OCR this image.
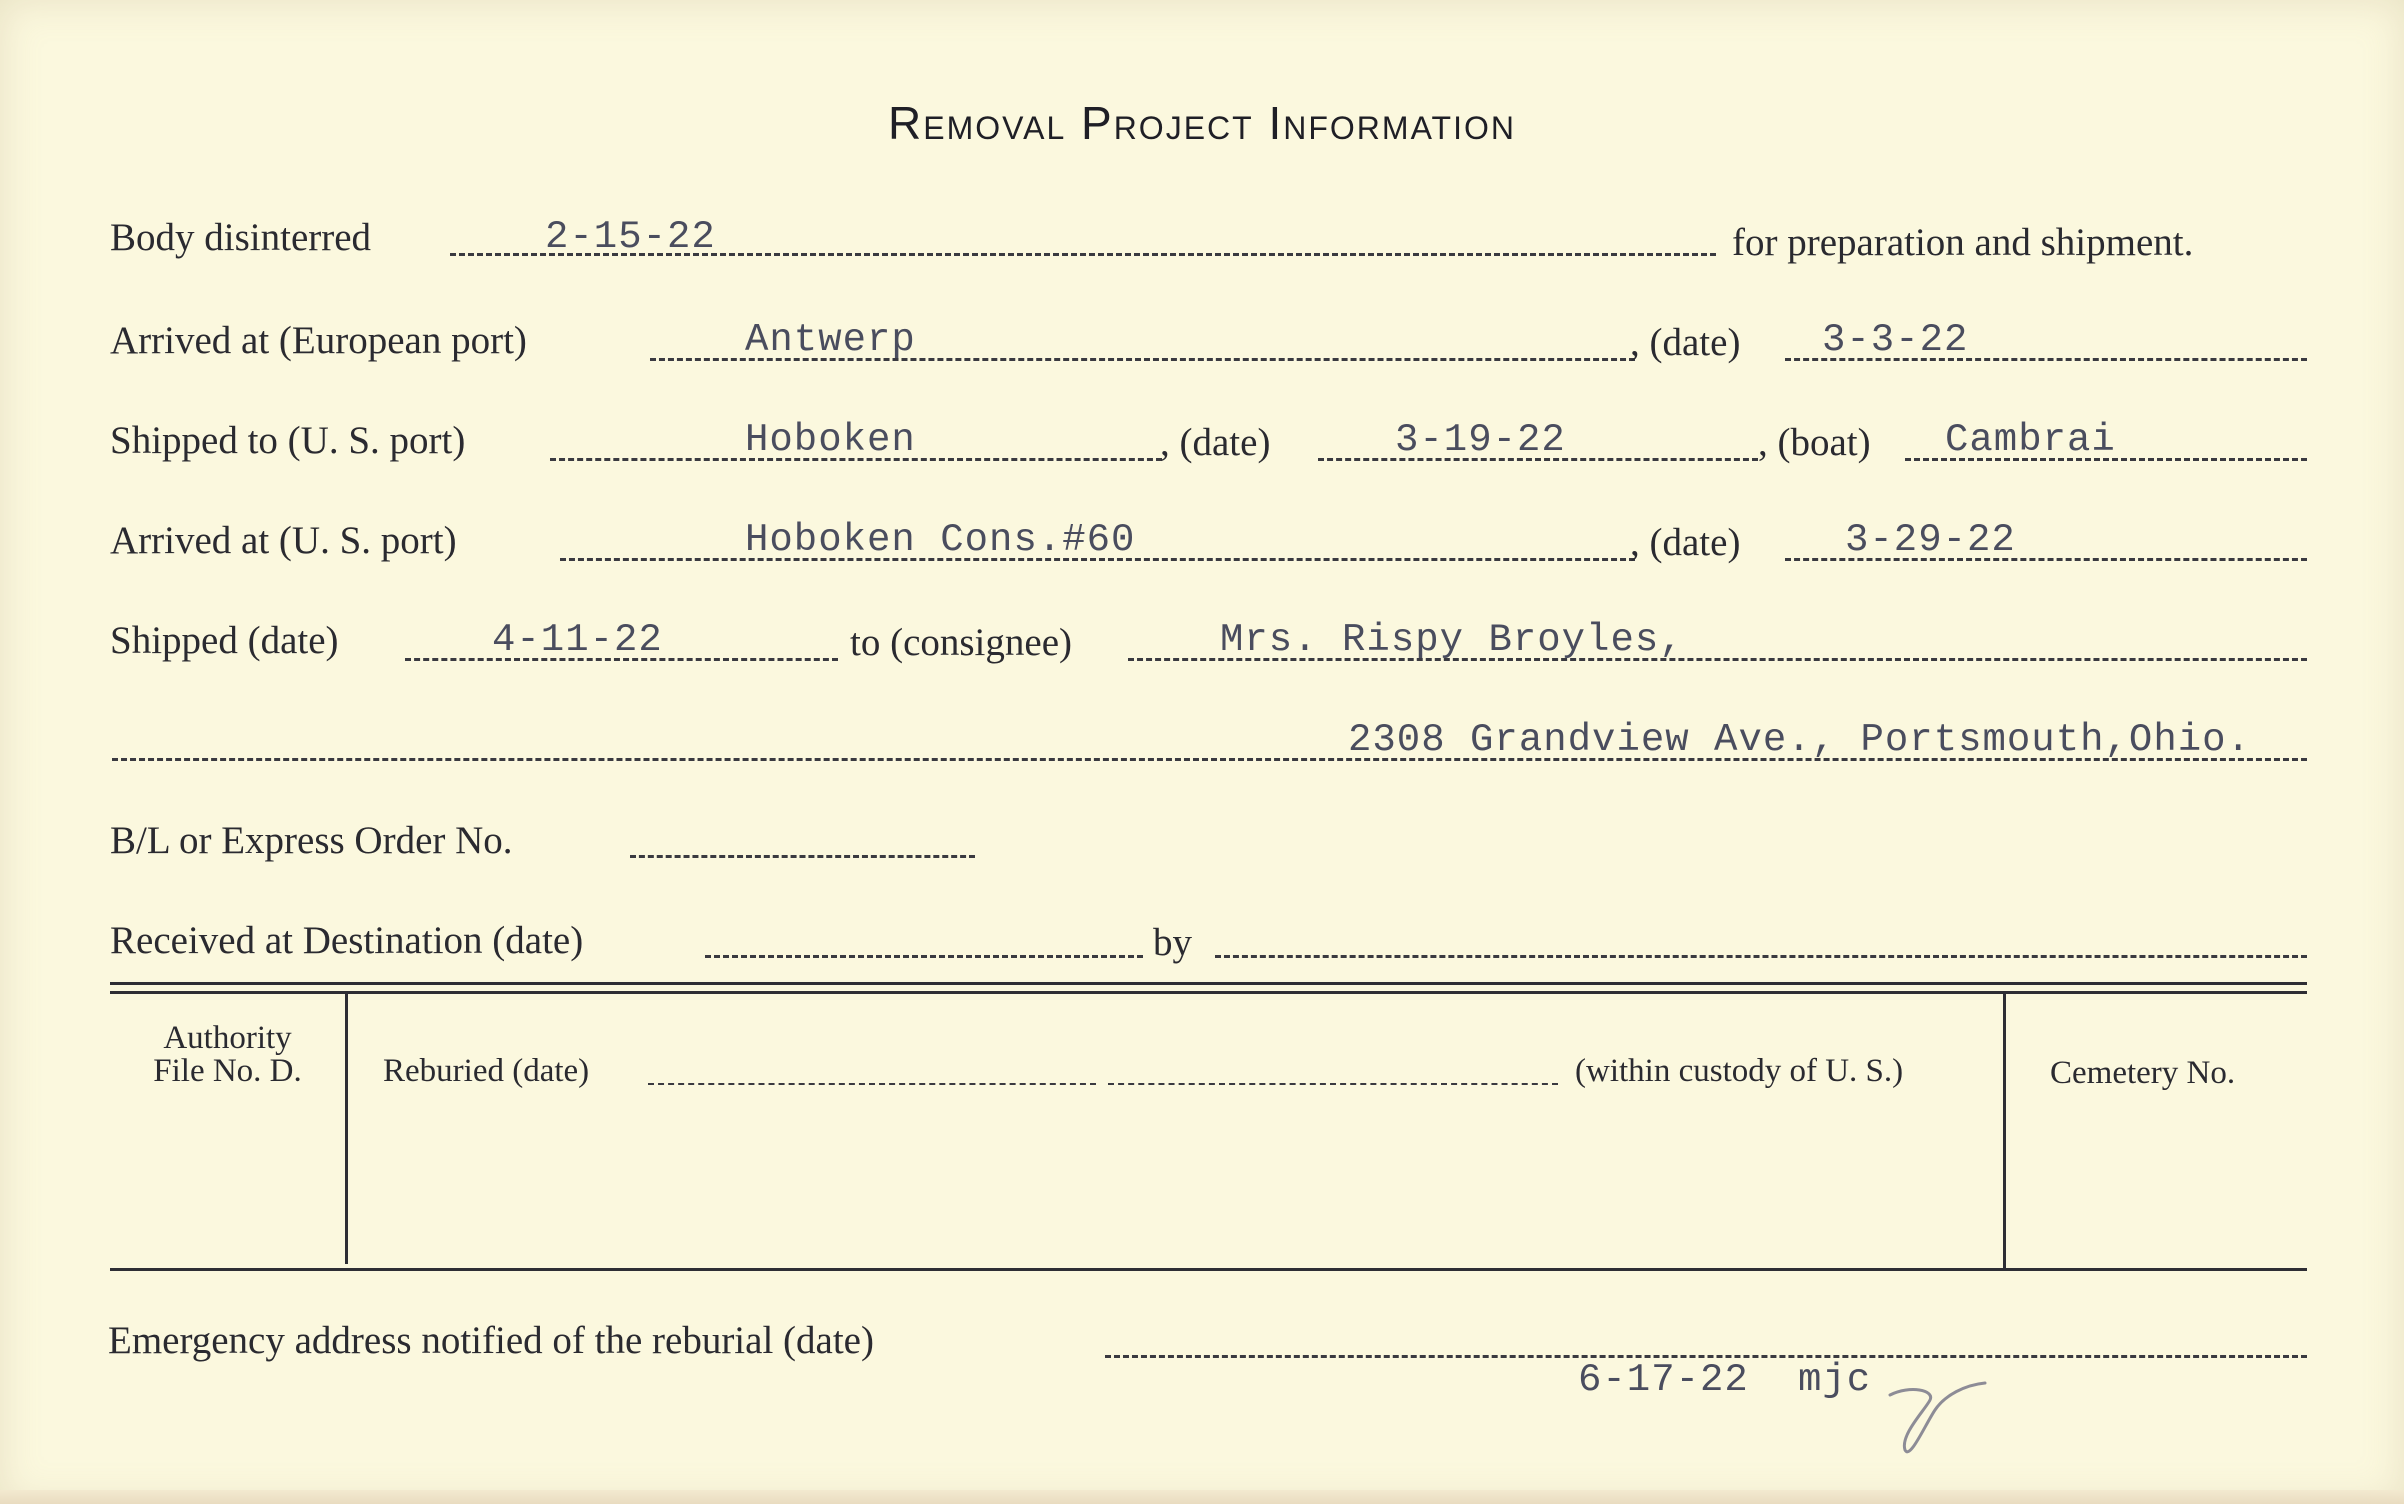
Removal Project Information
Body disinterred	2-15-22	for preparation and shipment.
Arrived at (European port)	Antwerp	, (date) 3-3-22
Shipped to (U. S. port)	Hoboken	, (date)	3-19-22	, (boat) Cambrai
Arrived at (U. S. port)	Hoboken Cons.#60	, (date)	3-29-22
Shipped (date)	4-11-22	to (consignee)	Mrs. Rispy Broyles,
2308 Grandview Ave., Portsmouth,Ohio.
B/L or Express Order No.
Received at Destination (date)	by
Authority
File No. D.	Reburied (date)	(within custody of U. S.)	Cemetery No.
Emergency address notified of the reburial (date)
6-17-22 mjc
